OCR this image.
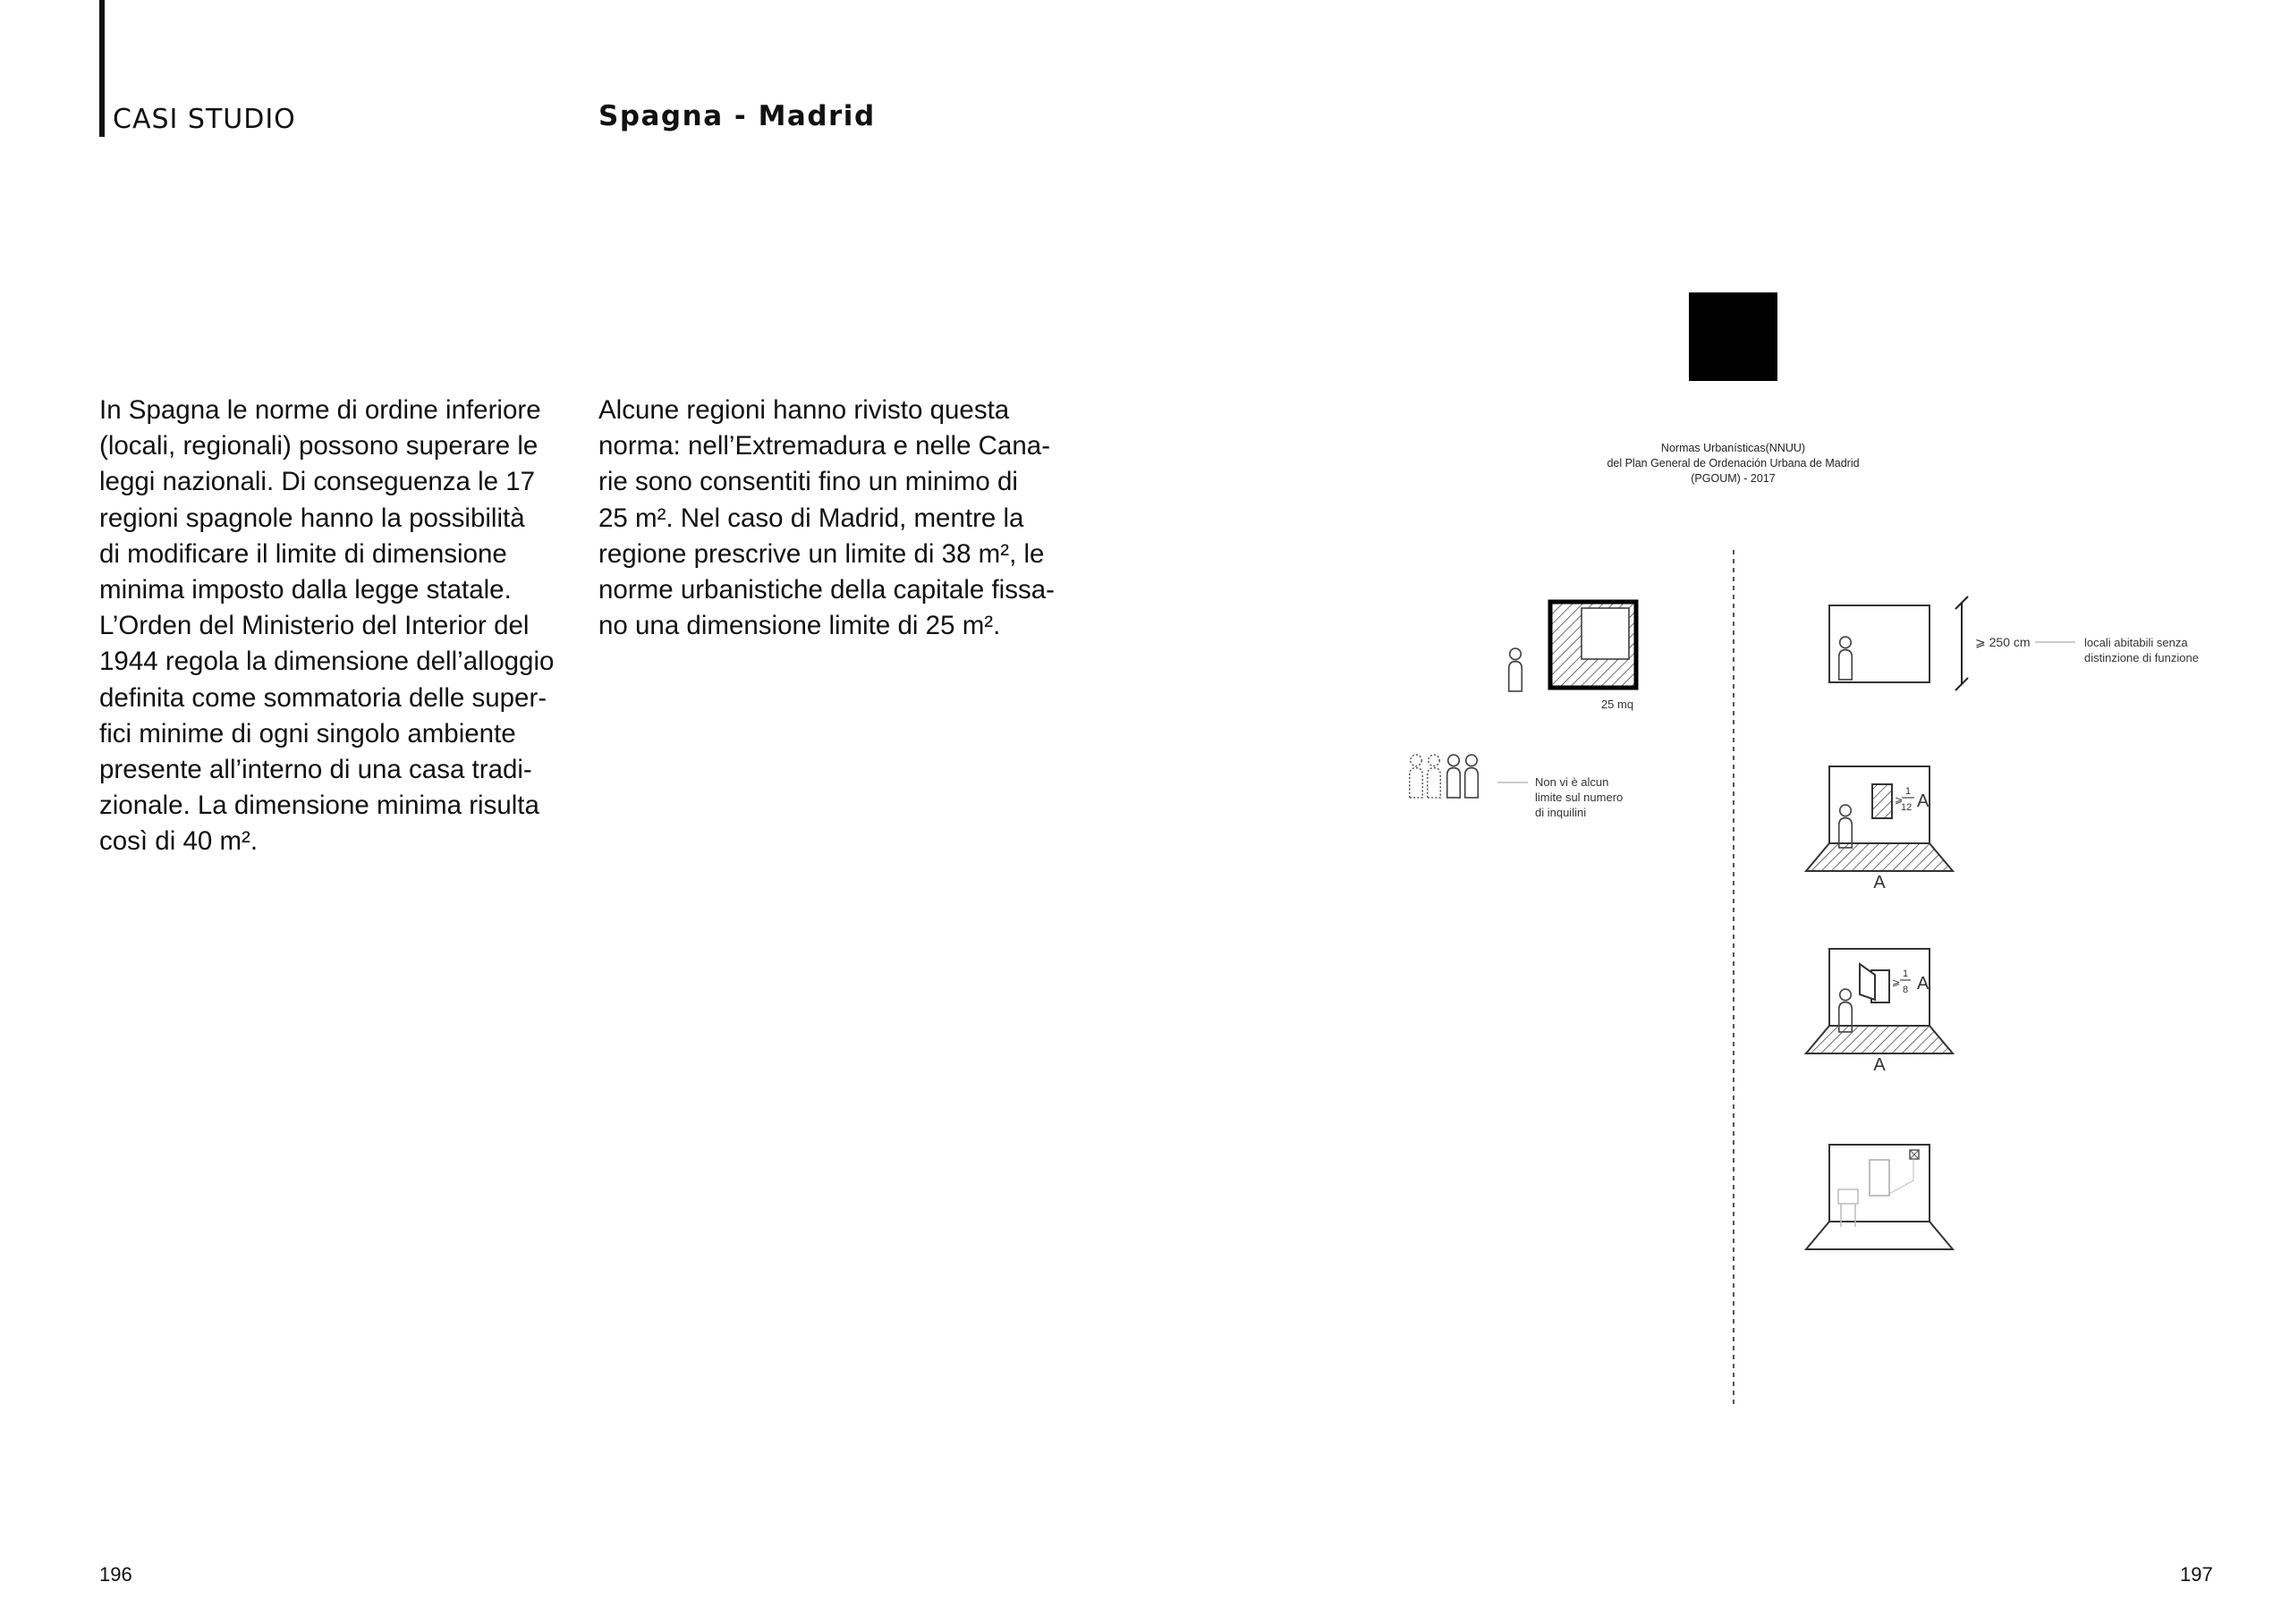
CASI STUDIO	Spagna - Madrid
In Spagna le norme di ordine inferiore
(locali, regionali) possono superare le
leggi nazionali. Di conseguenza le 17
regioni spagnole hanno la possibilità
di modificare il limite di dimensione
minima imposto dalla legge statale.
L’Orden del Ministerio del Interior del
1944 regola la dimensione dell’alloggio
definita come sommatoria delle super-
fici minime di ogni singolo ambiente
presente all’interno di una casa tradi-
zionale. La dimensione minima risulta
così di 40 m².
Alcune regioni hanno rivisto questa
norma: nell’Extremadura e nelle Cana-
rie sono consentiti fino un minimo di
25 m². Nel caso di Madrid, mentre la
regione prescrive un limite di 38 m², le
norme urbanistiche della capitale fissa-
no una dimensione limite di 25 m².
Normas Urbanísticas(NNUU)
del Plan General de Ordenación Urbana de Madrid
(PGOUM) - 2017
25 mq
Non vi è alcun
limite sul numero
di inquilini
⩾ 250 cm	locali abitabili senza
distinzione di funzione
⩾
1
12 A
A
⩾
1
8 A
A
196	197
